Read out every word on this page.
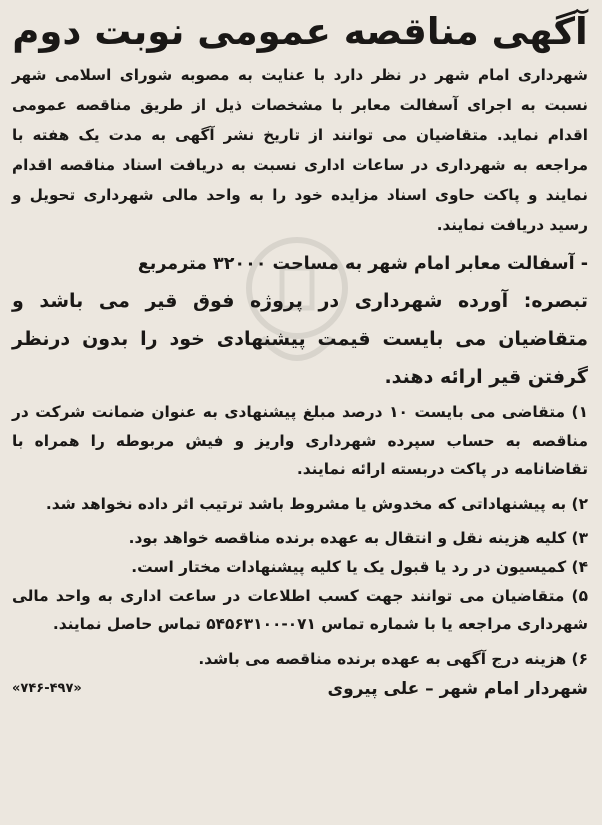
آگهی مناقصه عمومی نوبت دوم
شهرداری امام شهر در نظر دارد با عنایت به مصوبه شورای اسلامی شهر نسبت به اجرای آسفالت معابر با مشخصات ذیل از طریق مناقصه عمومی اقدام نماید. متقاضیان می توانند از تاریخ نشر آگهی به مدت یک هفته با مراجعه به شهرداری در ساعات اداری نسبت به دریافت اسناد مناقصه اقدام نمایند و پاکت حاوی اسناد مزایده خود را به واحد مالی شهرداری تحویل و رسید دریافت نمایند.
- آسفالت معابر امام شهر به مساحت ۳۲۰۰۰ مترمربع
تبصره: آورده شهرداری در پروژه فوق قیر می باشد و متقاضیان می بایست قیمت پیشنهادی خود را بدون درنظر گرفتن قیر ارائه دهند.
۱) متقاضی می بایست ۱۰ درصد مبلغ پیشنهادی به عنوان ضمانت شرکت در مناقصه به حساب سپرده شهرداری واریز و فیش مربوطه را همراه با تقاضانامه در پاکت دربسته ارائه نمایند.
۲) به پیشنهاداتی که مخدوش یا مشروط باشد ترتیب اثر داده نخواهد شد.
۳) کلیه هزینه نقل و انتقال به عهده برنده مناقصه خواهد بود.
۴) کمیسیون در رد یا قبول یک یا کلیه پیشنهادات مختار است.
۵) متقاضیان می توانند جهت کسب اطلاعات در ساعت اداری به واحد مالی شهرداری مراجعه یا با شماره تماس ۰۷۱-۵۴۵۶۳۱۰۰ تماس حاصل نمایند.
۶) هزینه درج آگهی به عهده برنده مناقصه می باشد.
شهردار امام شهر – علی پیروی
«۷۴۶-۴۹۷»
